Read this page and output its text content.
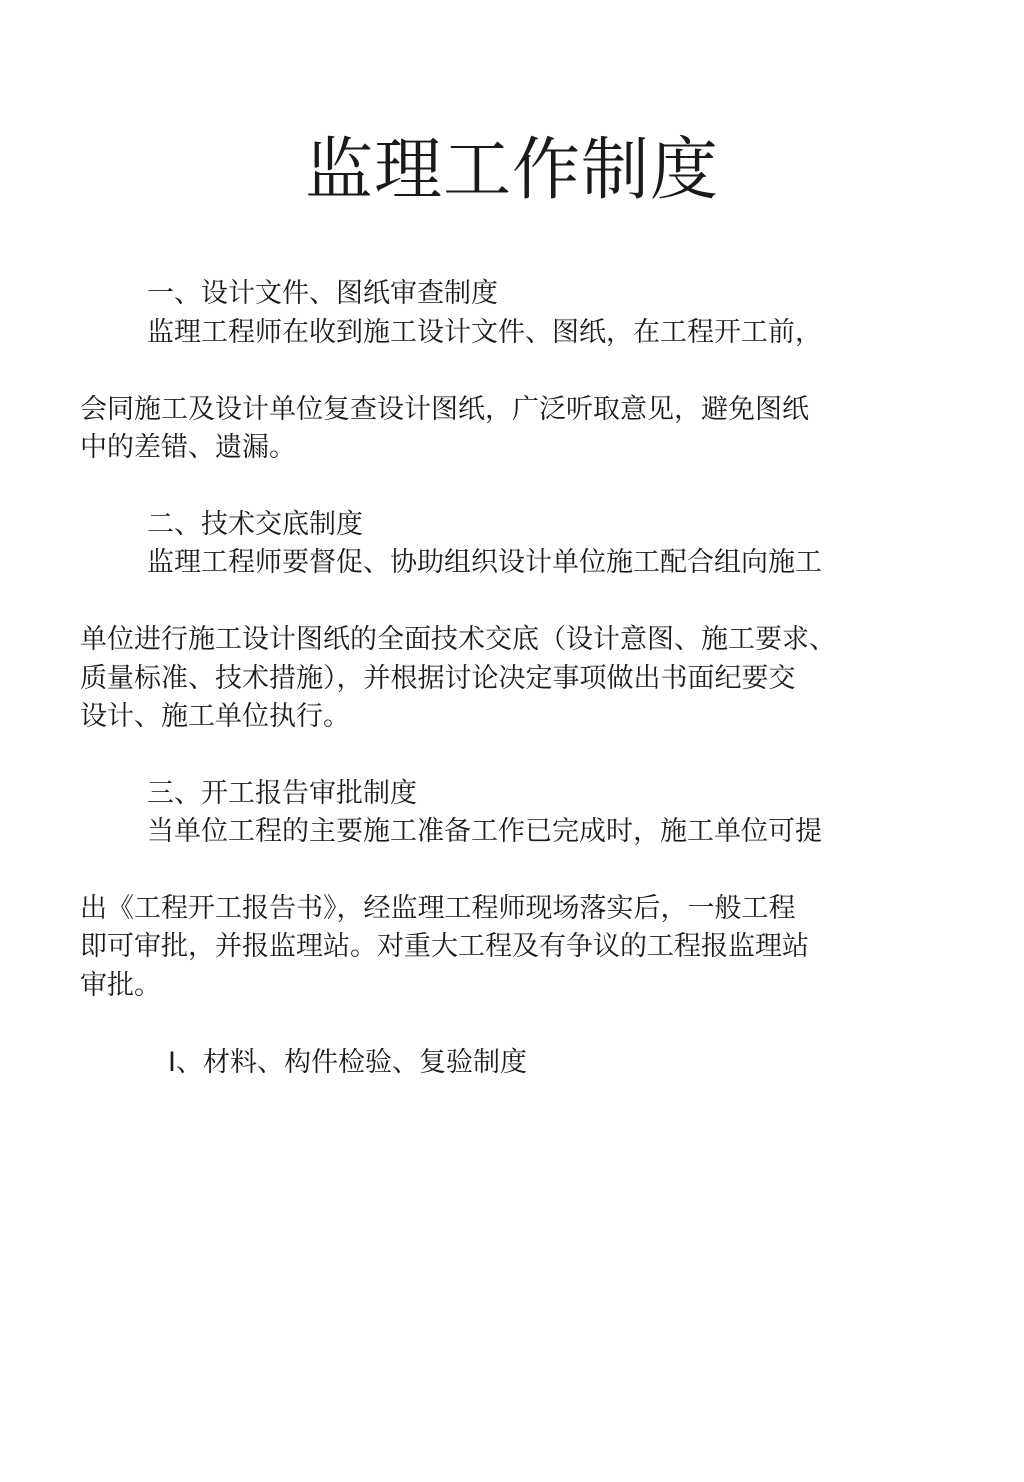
监理工作制度
一、设计文件、图纸审查制度
监理工程师在收到施工设计文件、图纸，在工程开工前，
会同施工及设计单位复查设计图纸，广泛听取意见，避免图纸
中的差错、遗漏。
二、技术交底制度
监理工程师要督促、协助组织设计单位施工配合组向施工
单位进行施工设计图纸的全面技术交底（设计意图、施工要求、
质量标准、技术措施），并根据讨论决定事项做出书面纪要交
设计、施工单位执行。
三、开工报告审批制度
当单位工程的主要施工准备工作已完成时，施工单位可提
出《工程开工报告书》，经监理工程师现场落实后，一般工程
即可审批，并报监理站。对重大工程及有争议的工程报监理站
审批。
I、材料、构件检验、复验制度
